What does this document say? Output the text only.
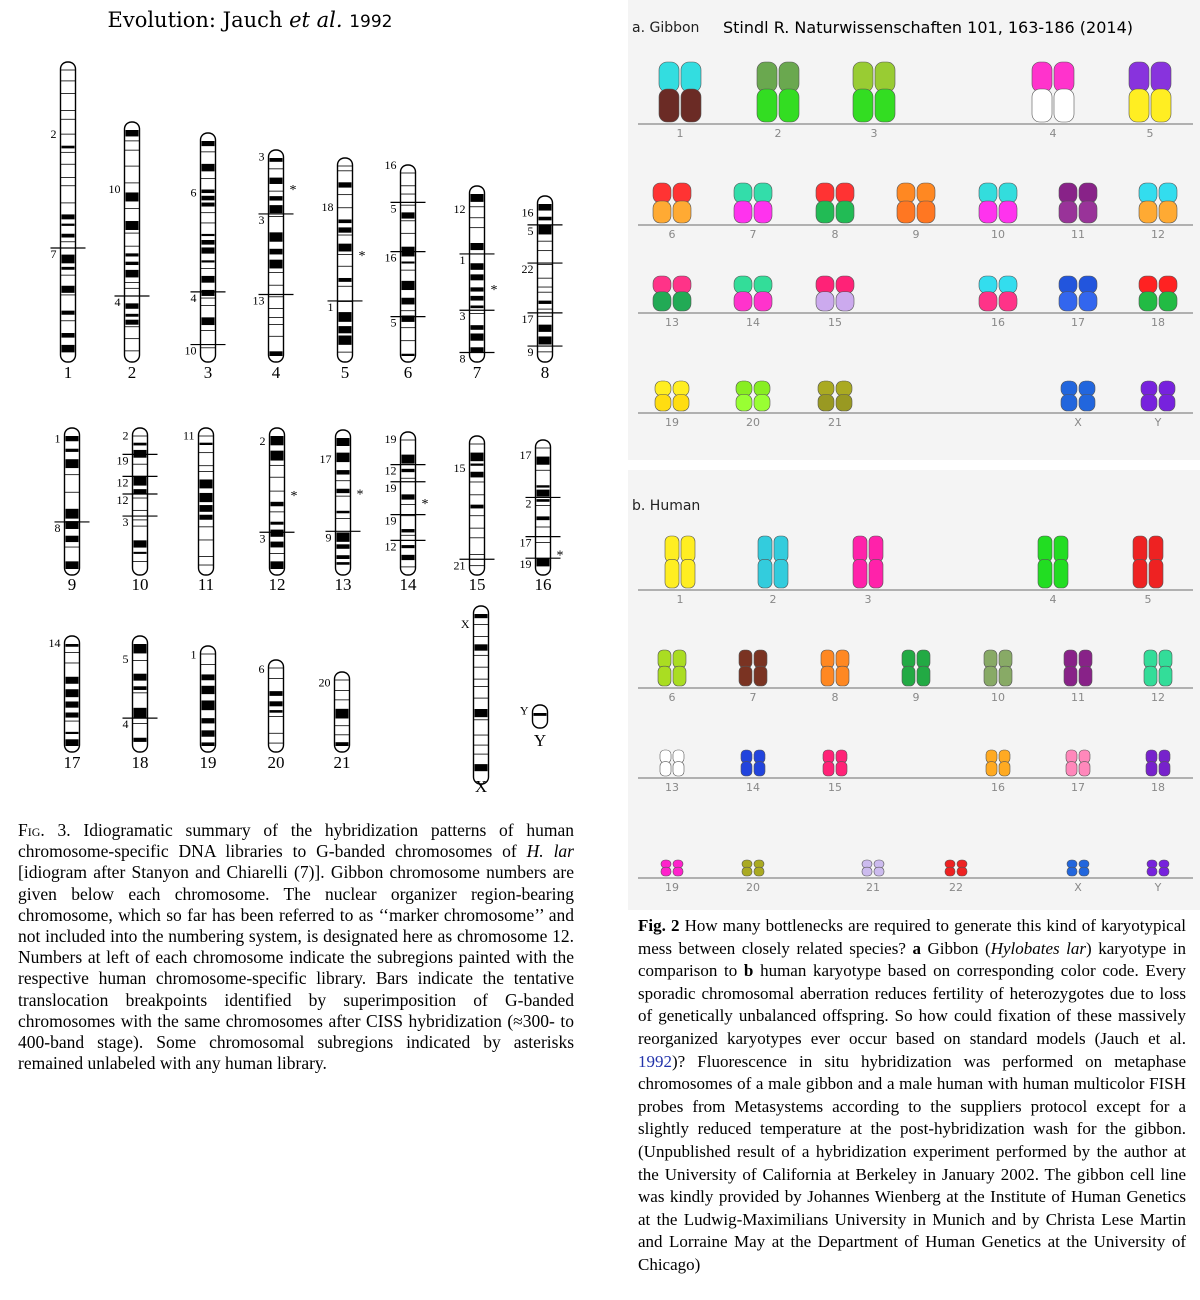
Evolution: Jauch et al. 1992
2
7
1
10
4
2
6
4
10
3
3
3
13
*
4
18
1
*
5
16
5
16
5
6
12
1
3
8
*
7
16
5
22
17
9
8
1
8
9
2
19
12
12
3
10
11
11
2
3
*
12
17
9
*
13
19
12
19
19
12
*
14
15
21
15
17
2
17
19
*
16
14
17
5
4
18
1
19
6
20
20
21
X
X
Y
Y
Fig. 3. Idiogramatic summary of the hybridization patterns of human chromosome-specific DNA libraries to G-banded chromosomes of H. lar [idiogram after Stanyon and Chiarelli (7)]. Gibbon chromosome numbers are given below each chromosome. The nuclear organizer region-bearing chromosome, which so far has been referred to as ‘‘marker chromosome’’ and not included into the numbering system, is designated here as chromosome 12. Numbers at left of each chromosome indicate the subregions painted with the respective human chromosome-specific library. Bars indicate the tentative translocation breakpoints identified by superimposition of G-banded chromosomes with the same chromosomes after CISS hybridization (≈300- to 400-band stage). Some chromosomal subregions indicated by asterisks remained unlabeled with any human library.
a. Gibbon
1	2	3	4	5
6	7	8	9	10	11	12
13	14	15	16	17	18
19	20	21	X	Y
Stindl R. Naturwissenschaften 101, 163-186 (2014)
b. Human
1	2	3	4	5
6	7	8	9	10	11	12
13	14	15	16	17	18
19	20	21	22	X	Y
Fig. 2 How many bottlenecks are required to generate this kind of karyotypical mess between closely related species? a Gibbon (Hylobates lar) karyotype in comparison to b human karyotype based on corresponding color code. Every sporadic chromosomal aberration reduces fertility of heterozygotes due to loss of genetically unbalanced offspring. So how could fixation of these massively reorganized karyotypes ever occur based on standard models (Jauch et al. 1992)? Fluorescence in situ hybridization was performed on metaphase chromosomes of a male gibbon and a male human with human multicolor FISH probes from Metasystems according to the suppliers protocol except for a slightly reduced temperature at the post-hybridization wash for the gibbon. (Unpublished result of a hybridization experiment performed by the author at the University of California at Berkeley in January 2002. The gibbon cell line was kindly provided by Johannes Wienberg at the Institute of Human Genetics at the Ludwig-Maximilians University in Munich and by Christa Lese Martin and Lorraine May at the Department of Human Genetics at the University of Chicago)
